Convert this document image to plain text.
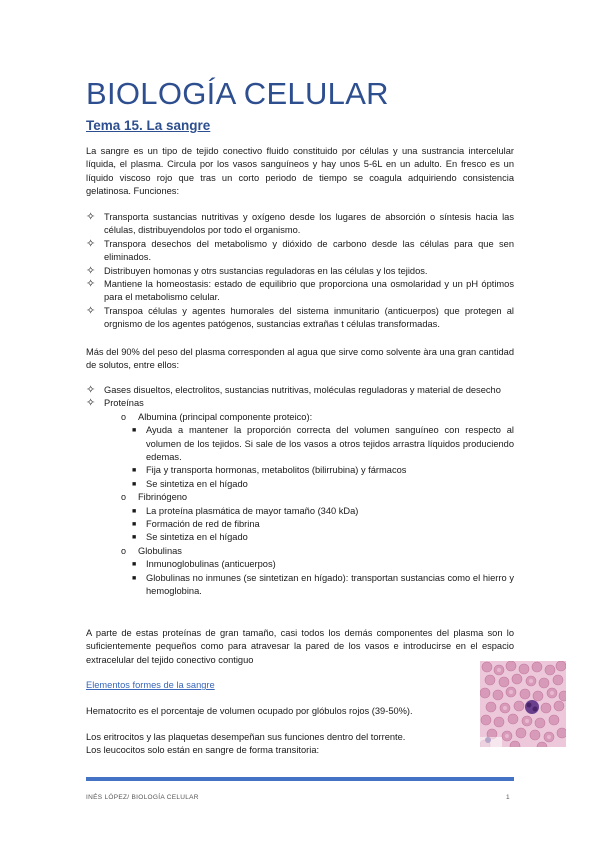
BIOLOGÍA CELULAR
Tema 15. La sangre
La sangre es un tipo de tejido conectivo fluido constituido por células y una sustrancia intercelular líquida, el plasma. Circula por los vasos sanguíneos y hay unos 5-6L en un adulto. En fresco es un líquido viscoso rojo que tras un corto periodo de tiempo se coagula adquiriendo consistencia gelatinosa. Funciones:
✧ Transporta sustancias nutritivas y oxígeno desde los lugares de absorción o síntesis hacia las células, distribuyendolos por todo el organismo.
✧ Transpora desechos del metabolismo y dióxido de carbono desde las células para que sen eliminados.
✧ Distribuyen homonas y otrs sustancias reguladoras en las células y los tejidos.
✧ Mantiene la homeostasis: estado de equilibrio que proporciona una osmolaridad y un pH óptimos para el metabolismo celular.
✧ Transpoa células y agentes humorales del sistema inmunitario (anticuerpos) que protegen al orgnismo de los agentes patógenos, sustancias extrañas t células transformadas.
Más del 90% del peso del plasma corresponden al agua que sirve como solvente àra una gran cantidad de solutos, entre ellos:
✧ Gases disueltos, electrolitos, sustancias nutritivas, moléculas reguladoras y material de desecho
✧ Proteínas
o Albumina (principal componente proteico):
■ Ayuda a mantener la proporción correcta del volumen sanguíneo con respecto al volumen de los tejidos. Si sale de los vasos a otros tejidos arrastra líquidos produciendo edemas.
■ Fija y transporta hormonas, metabolitos (bilirrubina) y fármacos
■ Se sintetiza en el hígado
o Fibrinógeno
■ La proteína plasmática de mayor tamaño (340 kDa)
■ Formación de red de fibrina
■ Se sintetiza en el hígado
o Globulinas
■ Inmunoglobulinas (anticuerpos)
■ Globulinas no inmunes (se sintetizan en hígado): transportan sustancias como el hierro y hemoglobina.
A parte de estas proteínas de gran tamaño, casi todos los demás componentes del plasma son lo suficientemente pequeños como para atravesar la pared de los vasos e introducirse en el espacio extracelular del tejido conectivo contiguo
Elementos formes de la sangre
Hematocrito es el porcentaje de volumen ocupado por glóbulos rojos (39-50%).
Los eritrocitos y las plaquetas desempeñan sus funciones dentro del torrente.
Los leucocitos solo están en sangre de forma transitoria:
INÉS LÓPEZ/ BIOLOGÍA CELULAR	1
